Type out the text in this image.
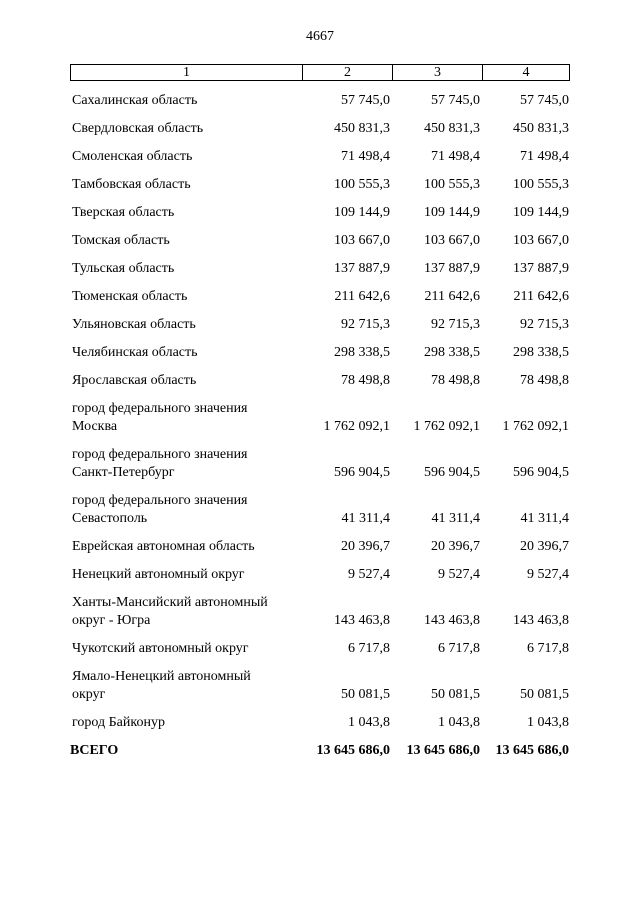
4667
1	2	3	4
Сахалинская область	57 745,0	57 745,0	57 745,0
Свердловская область	450 831,3	450 831,3	450 831,3
Смоленская область	71 498,4	71 498,4	71 498,4
Тамбовская область	100 555,3	100 555,3	100 555,3
Тверская область	109 144,9	109 144,9	109 144,9
Томская область	103 667,0	103 667,0	103 667,0
Тульская область	137 887,9	137 887,9	137 887,9
Тюменская область	211 642,6	211 642,6	211 642,6
Ульяновская область	92 715,3	92 715,3	92 715,3
Челябинская область	298 338,5	298 338,5	298 338,5
Ярославская область	78 498,8	78 498,8	78 498,8
город федерального значения
Москва	1 762 092,1	1 762 092,1	1 762 092,1
город федерального значения
Санкт-Петербург	596 904,5	596 904,5	596 904,5
город федерального значения
Севастополь	41 311,4	41 311,4	41 311,4
Еврейская автономная область	20 396,7	20 396,7	20 396,7
Ненецкий автономный округ	9 527,4	9 527,4	9 527,4
Ханты-Мансийский автономный
округ - Югра	143 463,8	143 463,8	143 463,8
Чукотский автономный округ	6 717,8	6 717,8	6 717,8
Ямало-Ненецкий автономный
округ	50 081,5	50 081,5	50 081,5
город Байконур	1 043,8	1 043,8	1 043,8
ВСЕГО	13 645 686,0	13 645 686,0	13 645 686,0
